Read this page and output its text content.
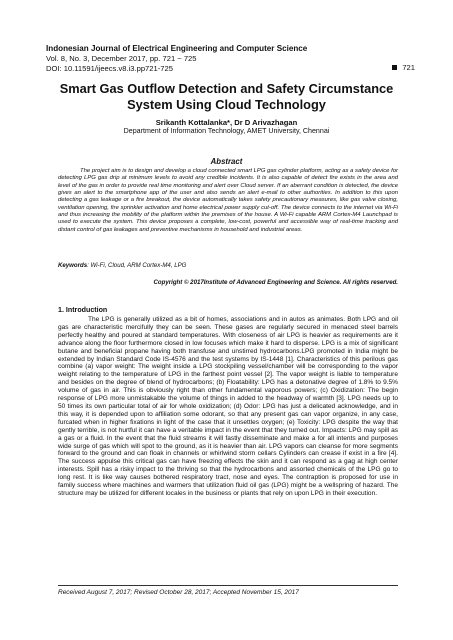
Indonesian Journal of Electrical Engineering and Computer Science
Vol. 8, No. 3, December 2017, pp. 721 ~ 725
DOI: 10.11591/ijeecs.v8.i3.pp721-725	721
Smart Gas Outflow Detection and Safety Circumstance System Using Cloud Technology
Srikanth Kottalanka*, Dr D Arivazhagan
Department of Information Technology, AMET University, Chennai
Abstract

The project aim is to design and develop a cloud connected smart LPG gas cylinder platform, acting as a safety device for detecting LPG gas drip at minimum levels to avoid any credible incidents. It is also capable of detect fire exists in the area and level of the gas in order to provide real time monitoring and alert over Cloud server. If an aberrant condition is detected, the device gives an alert to the smartphone app of the user and also sends an alert e-mail to other authorities. In addition to this upon detecting a gas leakage or a fire breakout, the device automatically takes safety precautionary measures, like gas valve closing, ventilation opening, fire sprinkler activation and home electrical power supply cut-off. The device connects to the internet via Wi-Fi and thus increasing the mobility of the platform within the premises of the house. A Wi-Fi capable ARM Cortex-M4 Launchpad is used to execute the system. This device proposes a complete, low-cost, powerful and accessible way of real-time tracking and distant control of gas leakages and preventive mechanisms in household and industrial areas.

Keywords: Wi-Fi, Cloud, ARM Cortex-M4, LPG
Copyright © 2017Institute of Advanced Engineering and Science. All rights reserved.
1. Introduction

The LPG is generally utilized as a bit of homes, associations and in autos as animates. Both LPG and oil gas are characteristic mercifully they can be seen. These gases are regularly secured in menaced steel barrels perfectly healthy and poured at standard temperatures. With closeness of air LPG is heavier as requirements are it advance along the floor furthermore closed in low focuses which make it hard to disperse. LPG is a mix of significant butane and beneficial propane having both transfuse and unstirred hydrocarbons.LPG promoted in India might be extended by Indian Standard Code IS-4576 and the test systems by IS-1448 [1]. Characteristics of this perilous gas combine (a) vapor weight: The weight inside a LPG stockpiling vessel/chamber will be corresponding to the vapor weight relating to the temperature of LPG in the farthest point vessel [2]. The vapor weight is liable to temperature and besides on the degree of blend of hydrocarbons; (b) Floatability: LPG has a detonative degree of 1.8% to 9.5% volume of gas in air. This is obviously right than other fundamental vaporous powers; (c) Oxidization: The begin response of LPG more unmistakable the volume of things in added to the headway of warmth [3]. LPG needs up to 50 times its own particular total of air for whole oxidization; (d) Odor: LPG has just a delicated acknowledge, and in this way, it is depended upon to affiliation some odorant, so that any present gas can vapor organize, in any case, furcated when in higher fixations in light of the case that it unsettles oxygen; (e) Toxicity: LPG despite the way that gently terrible, is not hurtful it can have a veritable impact in the event that they turned out. Impacts: LPG may spill as a gas or a fluid. In the event that the fluid streams it will fastly disseminate and make a for all intents and purposes wide surge of gas which will spot to the ground, as it is heavier than air. LPG vapors can cleanse for more segments forward to the ground and can floak in channels or whirlwind storm cellars Cylinders can crease if exist in a fire [4]. The success appulse this critical gas can have freezing effects the skin and it can respond as a gag at high center interests. Spill has a risky impact to the thriving so that the hydrocarbons and assorted chemicals of the LPG go to long rest. It is like way causes bothered respiratory tract, nose and eyes. The contraption is proposed for use in family success where machines and warmers that utilization fluid oil gas (LPG) might be a wellspring of hazard. The structure may be utilized for different locales in the business or plants that rely on upon LPG in their execution.

Received August 7, 2017; Revised October 28, 2017; Accepted November 15, 2017
